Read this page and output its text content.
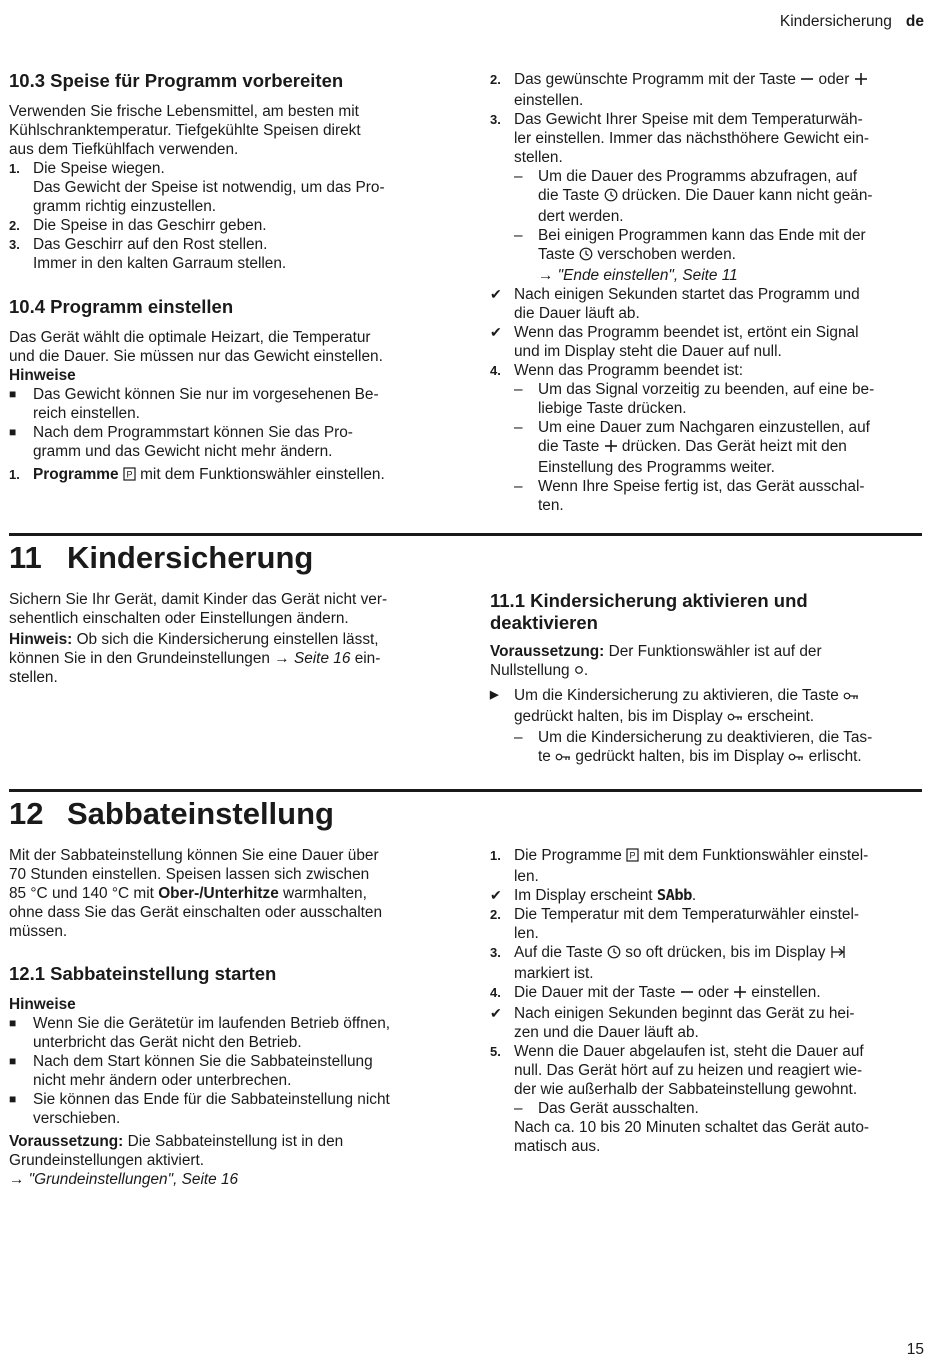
Kindersicherung de
10.3 Speise für Programm vorbereiten

Verwenden Sie frische Lebensmittel, am besten mit
Kühlschranktemperatur. Tiefgekühlte Speisen direkt
aus dem Tiefkühlfach verwenden.

1. Die Speise wiegen.
Das Gewicht der Speise ist notwendig, um das Pro-
gramm richtig einzustellen.
2. Die Speise in das Geschirr geben.
3. Das Geschirr auf den Rost stellen.
Immer in den kalten Garraum stellen.
10.4 Programm einstellen

Das Gerät wählt die optimale Heizart, die Temperatur
und die Dauer. Sie müssen nur das Gewicht einstellen.

Hinweise

■	Das Gewicht können Sie nur im vorgesehenen Be-
reich einstellen.
■	Nach dem Programmstart können Sie das Pro-
gramm und das Gewicht nicht mehr ändern.
1. Programme P mit dem Funktionswähler einstellen.
2. Das gewünschte Programm mit der Taste  oder
einstellen.
3. Das Gewicht Ihrer Speise mit dem Temperaturwäh-
ler einstellen. Immer das nächsthöhere Gewicht ein-
stellen.
– Um die Dauer des Programms abzufragen, auf
die Taste  drücken. Die Dauer kann nicht geän-
dert werden.
– Bei einigen Programmen kann das Ende mit der
Taste  verschoben werden.
→ "Ende einstellen", Seite 11
✔ Nach einigen Sekunden startet das Programm und
die Dauer läuft ab.
✔ Wenn das Programm beendet ist, ertönt ein Signal
und im Display steht die Dauer auf null.
4. Wenn das Programm beendet ist:
– Um das Signal vorzeitig zu beenden, auf eine be-
liebige Taste drücken.
– Um eine Dauer zum Nachgaren einzustellen, auf
die Taste  drücken. Das Gerät heizt mit den
Einstellung des Programms weiter.
– Wenn Ihre Speise fertig ist, das Gerät ausschal-
ten.
11 Kindersicherung

Sichern Sie Ihr Gerät, damit Kinder das Gerät nicht ver-
sehentlich einschalten oder Einstellungen ändern.

Hinweis: Ob sich die Kindersicherung einstellen lässt,
können Sie in den Grundeinstellungen → Seite 16 ein-
stellen.

11.1 Kindersicherung aktivieren und
deaktivieren

Voraussetzung: Der Funktionswähler ist auf der
Nullstellung .

▶	Um die Kindersicherung zu aktivieren, die Taste
gedrückt halten, bis im Display  erscheint.
– Um die Kindersicherung zu deaktivieren, die Tas-
te  gedrückt halten, bis im Display  erlischt.
12 Sabbateinstellung

Mit der Sabbateinstellung können Sie eine Dauer über
70 Stunden einstellen. Speisen lassen sich zwischen
85 °C und 140 °C mit Ober-/Unterhitze warmhalten,
ohne dass Sie das Gerät einschalten oder ausschalten
müssen.

12.1 Sabbateinstellung starten

Hinweise

■	Wenn Sie die Gerätetür im laufenden Betrieb öffnen,
unterbricht das Gerät nicht den Betrieb.
■	Nach dem Start können Sie die Sabbateinstellung
nicht mehr ändern oder unterbrechen.
■	Sie können das Ende für die Sabbateinstellung nicht
verschieben.

Voraussetzung: Die Sabbateinstellung ist in den
Grundeinstellungen aktiviert.
→ "Grundeinstellungen", Seite 16

1. Die Programme P mit dem Funktionswähler einstel-
len.
✔ Im Display erscheint SAbb.
2. Die Temperatur mit dem Temperaturwähler einstel-
len.
3. Auf die Taste  so oft drücken, bis im Display
markiert ist.
4. Die Dauer mit der Taste  oder  einstellen.
✔ Nach einigen Sekunden beginnt das Gerät zu hei-
zen und die Dauer läuft ab.
5. Wenn die Dauer abgelaufen ist, steht die Dauer auf
null. Das Gerät hört auf zu heizen und reagiert wie-
der wie außerhalb der Sabbateinstellung gewohnt.
– Das Gerät ausschalten.

Nach ca. 10 bis 20 Minuten schaltet das Gerät auto-
matisch aus.

15
